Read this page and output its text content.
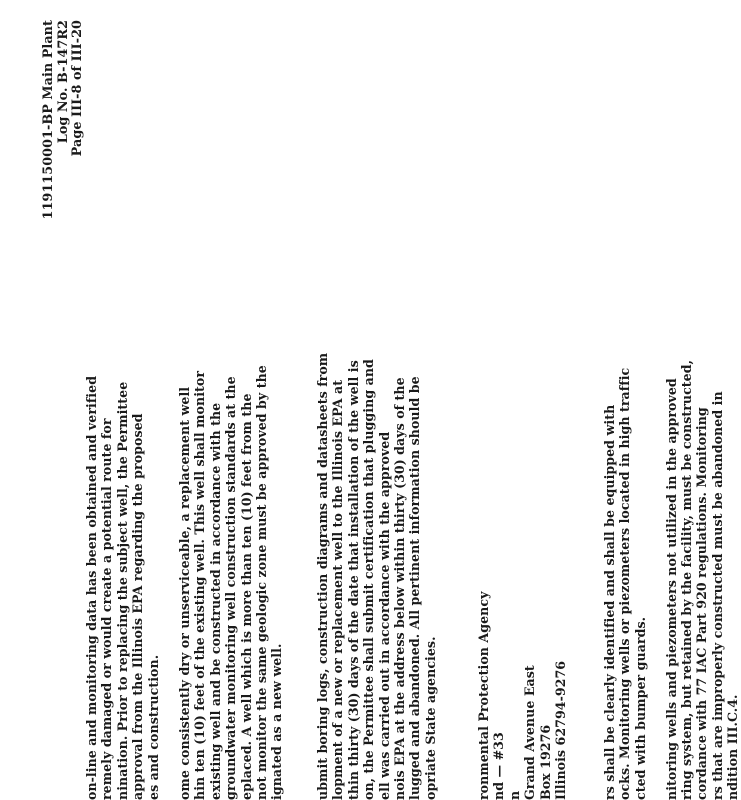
1191150001-BP Main Plant Log No. B-147R2 Page III-8 of III-20
on-line and monitoring data has been obtained and verified remely damaged or would create a potential route for nination. Prior to replacing the subject well, the Permittee approval from the Illinois EPA regarding the proposed es and construction. ome consistently dry or unserviceable, a replacement well hin ten (10) feet of the existing well. This well shall monitor existing well and be constructed in accordance with the groundwater monitoring well construction standards at the eplaced. A well which is more than ten (10) feet from the not monitor the same geologic zone must be approved by the ignated as a new well. ubmit boring logs, construction diagrams and datasheets from lopment of a new or replacement well to the Illinois EPA at thin thirty (30) days of the date that installation of the well is on, the Permittee shall submit certification that plugging and ell was carried out in accordance with the approved nois EPA at the address below within thirty (30) days of the lugged and abandoned. All pertinent information should be opriate State agencies.	ronmental Protection Agency nd — #33 n Grand Avenue East Box 19276 Illinois 62794-9276	rs shall be clearly identified and shall be equipped with ocks. Monitoring wells or piezometers located in high traffic cted with bumper guards.
nitoring wells and piezometers not utilized in the approved ring system, but retained by the facility, must be constructed, cordance with 77 IAC Part 920 regulations. Monitoring rs that are improperly constructed must be abandoned in ndition III.C.4.
